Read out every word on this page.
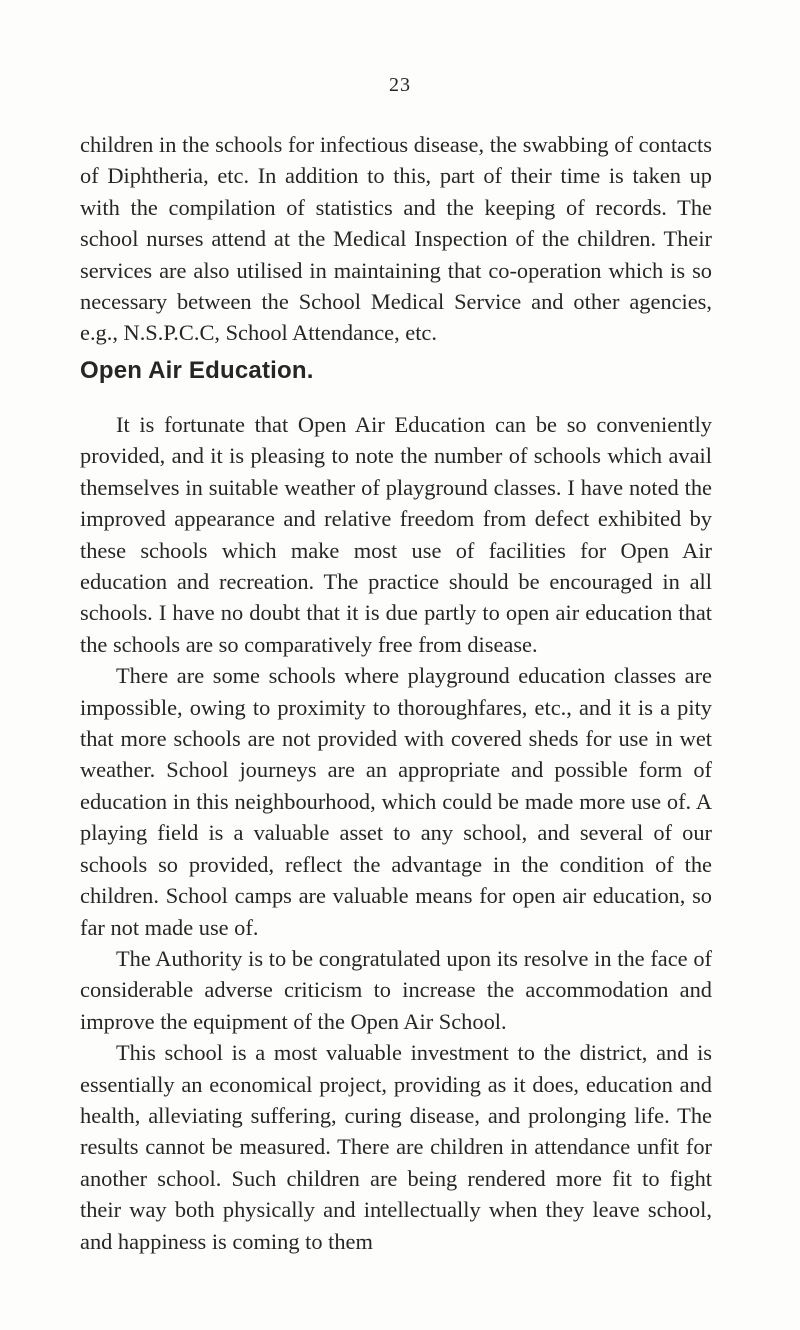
23

children in the schools for infectious disease, the swabbing of contacts of Diphtheria, etc. In addition to this, part of their time is taken up with the compilation of statistics and the keeping of records. The school nurses attend at the Medical Inspection of the children. Their services are also utilised in maintaining that co-operation which is so necessary between the School Medical Service and other agencies, e.g., N.S.P.C.C, School Attendance, etc.

Open Air Education.

It is fortunate that Open Air Education can be so conveniently provided, and it is pleasing to note the number of schools which avail themselves in suitable weather of playground classes. I have noted the improved appearance and relative freedom from defect exhibited by these schools which make most use of facilities for Open Air education and recreation. The practice should be encouraged in all schools. I have no doubt that it is due partly to open air education that the schools are so comparatively free from disease.

There are some schools where playground education classes are impossible, owing to proximity to thoroughfares, etc., and it is a pity that more schools are not provided with covered sheds for use in wet weather. School journeys are an appropriate and possible form of education in this neighbourhood, which could be made more use of. A playing field is a valuable asset to any school, and several of our schools so provided, reflect the advantage in the condition of the children. School camps are valuable means for open air education, so far not made use of.

The Authority is to be congratulated upon its resolve in the face of considerable adverse criticism to increase the accommodation and improve the equipment of the Open Air School.

This school is a most valuable investment to the district, and is essentially an economical project, providing as it does, education and health, alleviating suffering, curing disease, and prolonging life. The results cannot be measured. There are children in attendance unfit for another school. Such children are being rendered more fit to fight their way both physically and intellectually when they leave school, and happiness is coming to them
